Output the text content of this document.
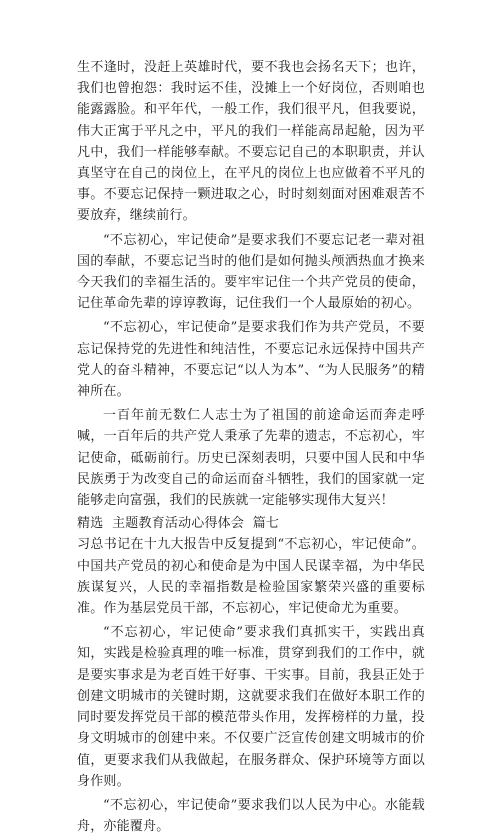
生不逢时，没赶上英雄时代，要不我也会扬名天下；也许，我们也曾抱怨：我时运不佳，没摊上一个好岗位，否则咱也能露露脸。和平年代，一般工作，我们很平凡，但我要说，伟大正寓于平凡之中，平凡的我们一样能高昂起舱，因为平凡中，我们一样能够奉献。不要忘记自己的本职职责，并认真坚守在自己的岗位上，在平凡的岗位上也应做着不平凡的事。不要忘记保持一颗进取之心，时时刻刻面对困难艰苦不要放弃，继续前行。

“不忘初心，牢记使命”是要求我们不要忘记老一辈对祖国的奉献，不要忘记当时的他们是如何抛头颅洒热血才换来今天我们的幸福生活的。要牢牢记住一个共产党员的使命，记住革命先辈的谆谆教诲，记住我们一个人最原始的初心。

“不忘初心，牢记使命”是要求我们作为共产党员，不要忘记保持党的先进性和纯洁性，不要忘记永远保持中国共产党人的奋斗精神，不要忘记“以人为本”、“为人民服务”的精神所在。

一百年前无数仁人志士为了祖国的前途命运而奔走呼喊，一百年后的共产党人秉承了先辈的遗志，不忘初心，牢记使命，砥砺前行。历史已深刻表明，只要中国人民和中华民族勇于为改变自己的命运而奋斗牺牲，我们的国家就一定能够走向富强，我们的民族就一定能够实现伟大复兴！

精选  主题教育活动心得体会  篇七

习总书记在十九大报告中反复提到“不忘初心，牢记使命”。中国共产党员的初心和使命是为中国人民谋幸福，为中华民族谋复兴，人民的幸福指数是检验国家繁荣兴盛的重要标准。作为基层党员干部，不忘初心，牢记使命尤为重要。

“不忘初心，牢记使命”要求我们真抓实干，实践出真知，实践是检验真理的唯一标准，贯穿到我们的工作中，就是要实事求是为老百姓干好事、干实事。目前，我县正处于创建文明城市的关键时期，这就要求我们在做好本职工作的同时要发挥党员干部的模范带头作用，发挥榜样的力量，投身文明城市的创建中来。不仅要广泛宣传创建文明城市的价值，更要求我们从我做起，在服务群众、保护环境等方面以身作则。

“不忘初心，牢记使命”要求我们以人民为中心。水能载舟，亦能覆舟。
